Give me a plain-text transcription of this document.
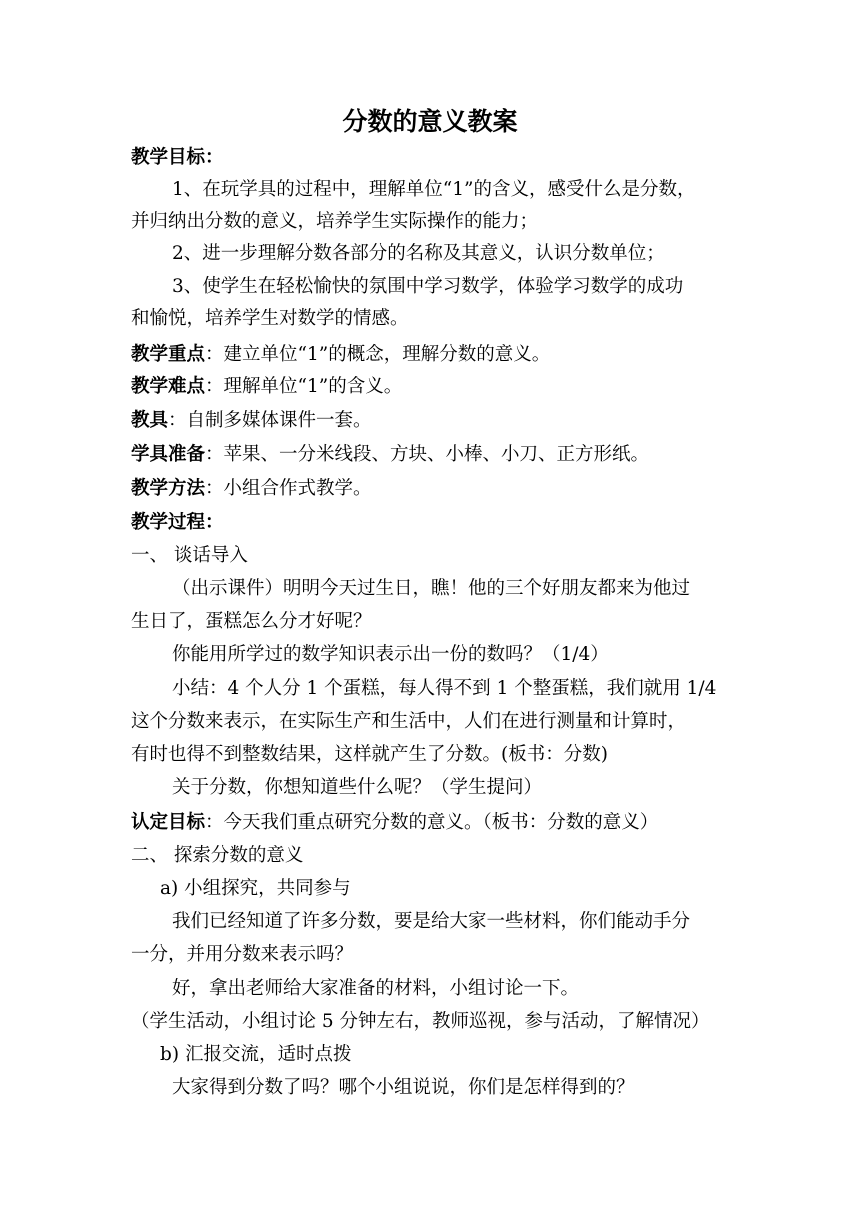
分数的意义教案
教学目标：
1、在玩学具的过程中，理解单位“1”的含义，感受什么是分数，
并归纳出分数的意义，培养学生实际操作的能力；
2、进一步理解分数各部分的名称及其意义，认识分数单位；
3、使学生在轻松愉快的氛围中学习数学，体验学习数学的成功
和愉悦，培养学生对数学的情感。
教学重点：建立单位“1”的概念，理解分数的意义。
教学难点：理解单位“1”的含义。
教具：自制多媒体课件一套。
学具准备：苹果、一分米线段、方块、小棒、小刀、正方形纸。
教学方法：小组合作式教学。
教学过程：
一、 谈话导入
（出示课件）明明今天过生日，瞧！他的三个好朋友都来为他过
生日了，蛋糕怎么分才好呢？
你能用所学过的数学知识表示出一份的数吗？（1/4）
小结：4 个人分 1 个蛋糕，每人得不到 1 个整蛋糕，我们就用 1/4
这个分数来表示，在实际生产和生活中，人们在进行测量和计算时，
有时也得不到整数结果，这样就产生了分数。(板书：分数)
关于分数，你想知道些什么呢？（学生提问）
认定目标：今天我们重点研究分数的意义。（板书：分数的意义）
二、 探索分数的意义
a) 小组探究，共同参与
我们已经知道了许多分数，要是给大家一些材料，你们能动手分
一分，并用分数来表示吗？
好，拿出老师给大家准备的材料，小组讨论一下。
（学生活动，小组讨论 5 分钟左右，教师巡视，参与活动，了解情况）
b) 汇报交流，适时点拨
大家得到分数了吗？哪个小组说说，你们是怎样得到的？
